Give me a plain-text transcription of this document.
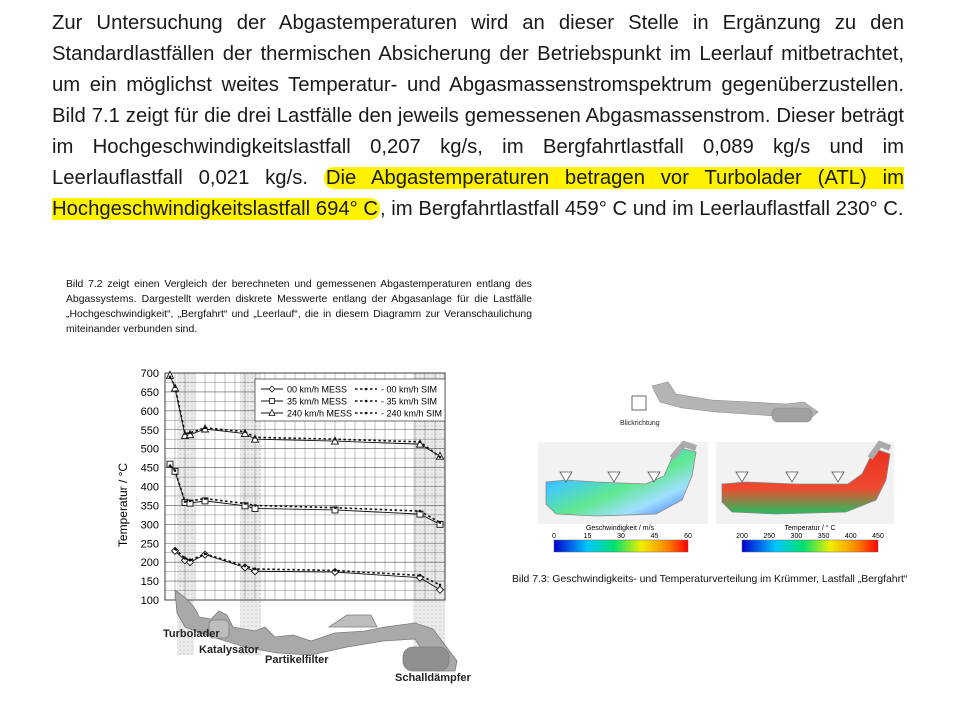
Zur Untersuchung der Abgastemperaturen wird an dieser Stelle in Ergänzung zu den Standardlastfällen der thermischen Absicherung der Betriebspunkt im Leerlauf mitbetrachtet, um ein möglichst weites Temperatur- und Abgasmassenstromspektrum gegenüberzustellen. Bild 7.1 zeigt für die drei Lastfälle den jeweils gemessenen Abgasmassenstrom. Dieser beträgt im Hochgeschwindigkeitslastfall 0,207 kg/s, im Bergfahrtlastfall 0,089 kg/s und im Leerlauflastfall 0,021 kg/s. Die Abgastemperaturen betragen vor Turbolader (ATL) im Hochgeschwindigkeitslastfall 694° C, im Bergfahrtlastfall 459° C und im Leerlauflastfall 230° C.
Bild 7.2 zeigt einen Vergleich der berechneten und gemessenen Abgastemperaturen entlang des Abgassystems. Dargestellt werden diskrete Messwerte entlang der Abgasanlage für die Lastfälle „Hochgeschwindigkeit“, „Bergfahrt“ und „Leerlauf“, die in diesem Diagramm zur Veranschaulichung miteinander verbunden sind.
Bild 7.3: Geschwindigkeits- und Temperaturverteilung im Krümmer, Lastfall „Bergfahrt“
700
650
600
550
500
450
400
350
300
250
200
150
100
Temperatur / °C
00 km/h MESS	- 00 km/h SIM
35 km/h MESS	- 35 km/h SIM
240 km/h MESS	- 240 km/h SIM
Turbolader
Katalysator
Partikelfilter
Schalldämpfer
Blickrichtung
Geschwindigkeit / m/s
0	15	30	45	60
Temperatur / ° C
200 250 300 350 400 450
